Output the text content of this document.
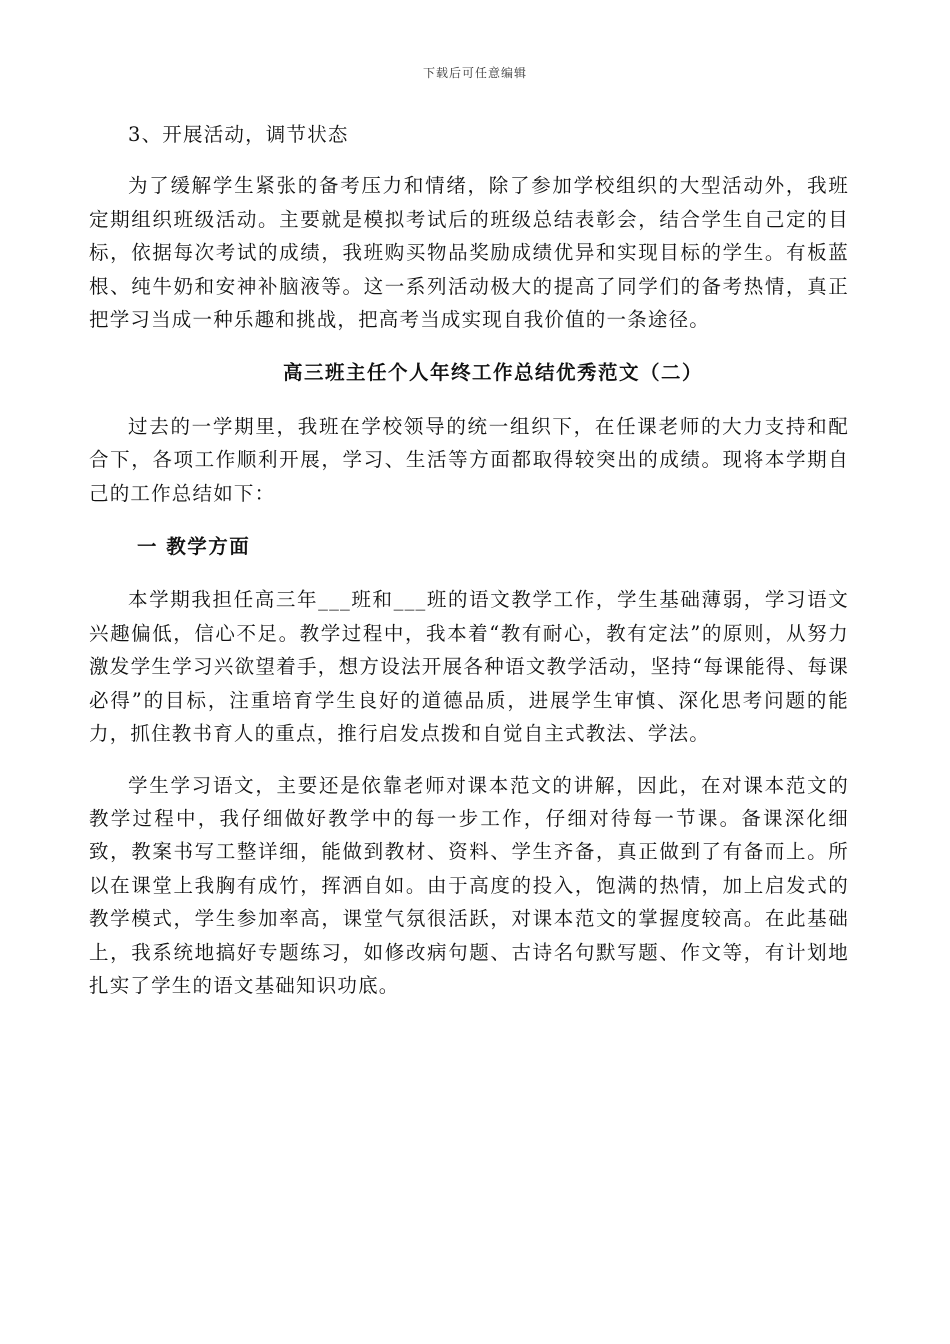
下载后可任意编辑

3、开展活动，调节状态

为了缓解学生紧张的备考压力和情绪，除了参加学校组织的大型活动外，我班定期组织班级活动。主要就是模拟考试后的班级总结表彰会，结合学生自己定的目标，依据每次考试的成绩，我班购买物品奖励成绩优异和实现目标的学生。有板蓝根、纯牛奶和安神补脑液等。这一系列活动极大的提高了同学们的备考热情，真正把学习当成一种乐趣和挑战，把高考当成实现自我价值的一条途径。

高三班主任个人年终工作总结优秀范文（二）

过去的一学期里，我班在学校领导的统一组织下，在任课老师的大力支持和配合下，各项工作顺利开展，学习、生活等方面都取得较突出的成绩。现将本学期自己的工作总结如下：

一 教学方面

本学期我担任高三年___班和___班的语文教学工作，学生基础薄弱，学习语文兴趣偏低，信心不足。教学过程中，我本着“教有耐心，教有定法”的原则，从努力激发学生学习兴欲望着手，想方设法开展各种语文教学活动，坚持“每课能得、每课必得”的目标，注重培育学生良好的道德品质，进展学生审慎、深化思考问题的能力，抓住教书育人的重点，推行启发点拨和自觉自主式教法、学法。

学生学习语文，主要还是依靠老师对课本范文的讲解，因此，在对课本范文的教学过程中，我仔细做好教学中的每一步工作，仔细对待每一节课。备课深化细致，教案书写工整详细，能做到教材、资料、学生齐备，真正做到了有备而上。所以在课堂上我胸有成竹，挥洒自如。由于高度的投入，饱满的热情，加上启发式的教学模式，学生参加率高，课堂气氛很活跃，对课本范文的掌握度较高。在此基础上，我系统地搞好专题练习，如修改病句题、古诗名句默写题、作文等，有计划地扎实了学生的语文基础知识功底。
